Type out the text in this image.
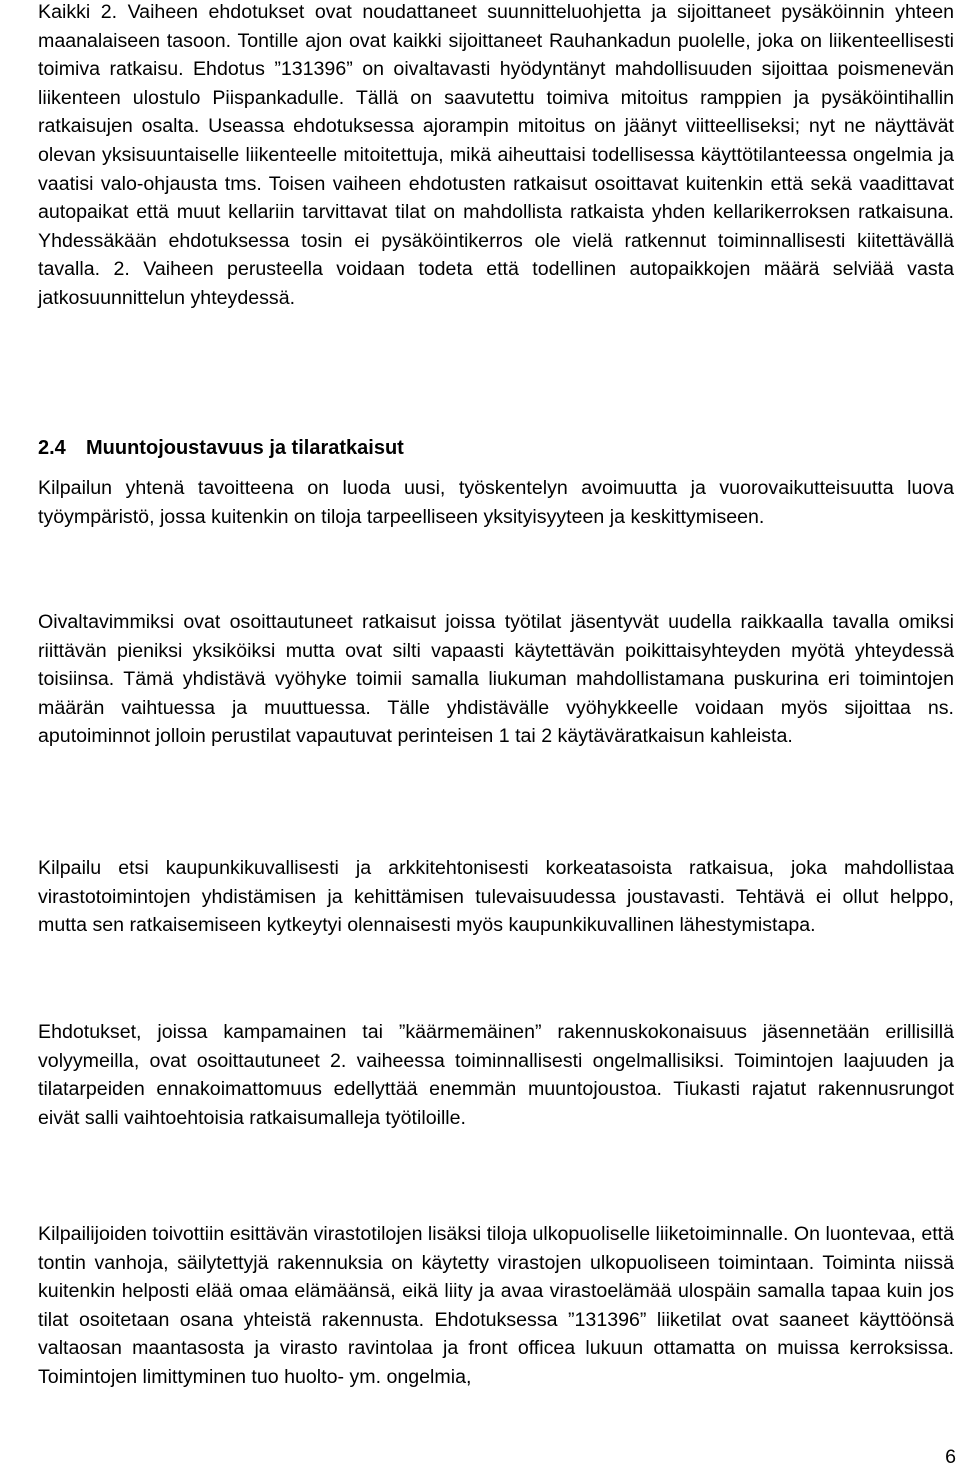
Kaikki 2. Vaiheen ehdotukset ovat noudattaneet suunnitteluohjetta ja sijoittaneet pysäköinnin yhteen maanalaiseen tasoon. Tontille ajon ovat kaikki sijoittaneet Rauhankadun puolelle, joka on liikenteellisesti toimiva ratkaisu. Ehdotus ”131396” on oivaltavasti hyödyntänyt mahdollisuuden sijoittaa poismenevän liikenteen ulostulo Piispankadulle. Tällä on saavutettu toimiva mitoitus ramppien ja pysäköintihallin ratkaisujen osalta. Useassa ehdotuksessa ajorampin mitoitus on jäänyt viitteelliseksi; nyt ne näyttävät olevan yksisuuntaiselle liikenteelle mitoitettuja, mikä aiheuttaisi todellisessa käyttötilanteessa ongelmia ja vaatisi valo-ohjausta tms. Toisen vaiheen ehdotusten ratkaisut osoittavat kuitenkin että sekä vaadittavat autopaikat että muut kellariin tarvittavat tilat on mahdollista ratkaista yhden kellarikerroksen ratkaisuna. Yhdessäkään ehdotuksessa tosin ei pysäköintikerros ole vielä ratkennut toiminnallisesti kiitettävällä tavalla. 2. Vaiheen perusteella voidaan todeta että todellinen autopaikkojen määrä selviää vasta jatkosuunnittelun yhteydessä.

2.4 Muuntojoustavuus ja tilaratkaisut

Kilpailun yhtenä tavoitteena on luoda uusi, työskentelyn avoimuutta ja vuorovaikutteisuutta luova työympäristö, jossa kuitenkin on tiloja tarpeelliseen yksityisyyteen ja keskittymiseen.

Oivaltavimmiksi ovat osoittautuneet ratkaisut joissa työtilat jäsentyvät uudella raikkaalla tavalla omiksi riittävän pieniksi yksiköiksi mutta ovat silti vapaasti käytettävän poikittaisyhteyden myötä yhteydessä toisiinsa. Tämä yhdistävä vyöhyke toimii samalla liukuman mahdollistamana puskurina eri toimintojen määrän vaihtuessa ja muuttuessa. Tälle yhdistävälle vyöhykkeelle voidaan myös sijoittaa ns. aputoiminnot jolloin perustilat vapautuvat perinteisen 1 tai 2 käytäväratkaisun kahleista.

Kilpailu etsi kaupunkikuvallisesti ja arkkitehtonisesti korkeatasoista ratkaisua, joka mahdollistaa virastotoimintojen yhdistämisen ja kehittämisen tulevaisuudessa joustavasti. Tehtävä ei ollut helppo, mutta sen ratkaisemiseen kytkeytyi olennaisesti myös kaupunkikuvallinen lähestymistapa.

Ehdotukset, joissa kampamainen tai ”käärmemäinen” rakennuskokonaisuus jäsennetään erillisillä volyymeilla, ovat osoittautuneet 2. vaiheessa toiminnallisesti ongelmallisiksi. Toimintojen laajuuden ja tilatarpeiden ennakoimattomuus edellyttää enemmän muuntojoustoa. Tiukasti rajatut rakennusrungot eivät salli vaihtoehtoisia ratkaisumalleja työtiloille.

Kilpailijoiden toivottiin esittävän virastotilojen lisäksi tiloja ulkopuoliselle liiketoiminnalle. On luontevaa, että tontin vanhoja, säilytettyjä rakennuksia on käytetty virastojen ulkopuoliseen toimintaan. Toiminta niissä kuitenkin helposti elää omaa elämäänsä, eikä liity ja avaa virastoelämää ulospäin samalla tapaa kuin jos tilat osoitetaan osana yhteistä rakennusta. Ehdotuksessa ”131396” liiketilat ovat saaneet käyttöönsä valtaosan maantasosta ja virasto ravintolaa ja front officea lukuun ottamatta on muissa kerroksissa. Toimintojen limittyminen tuo huolto- ym. ongelmia,

6
